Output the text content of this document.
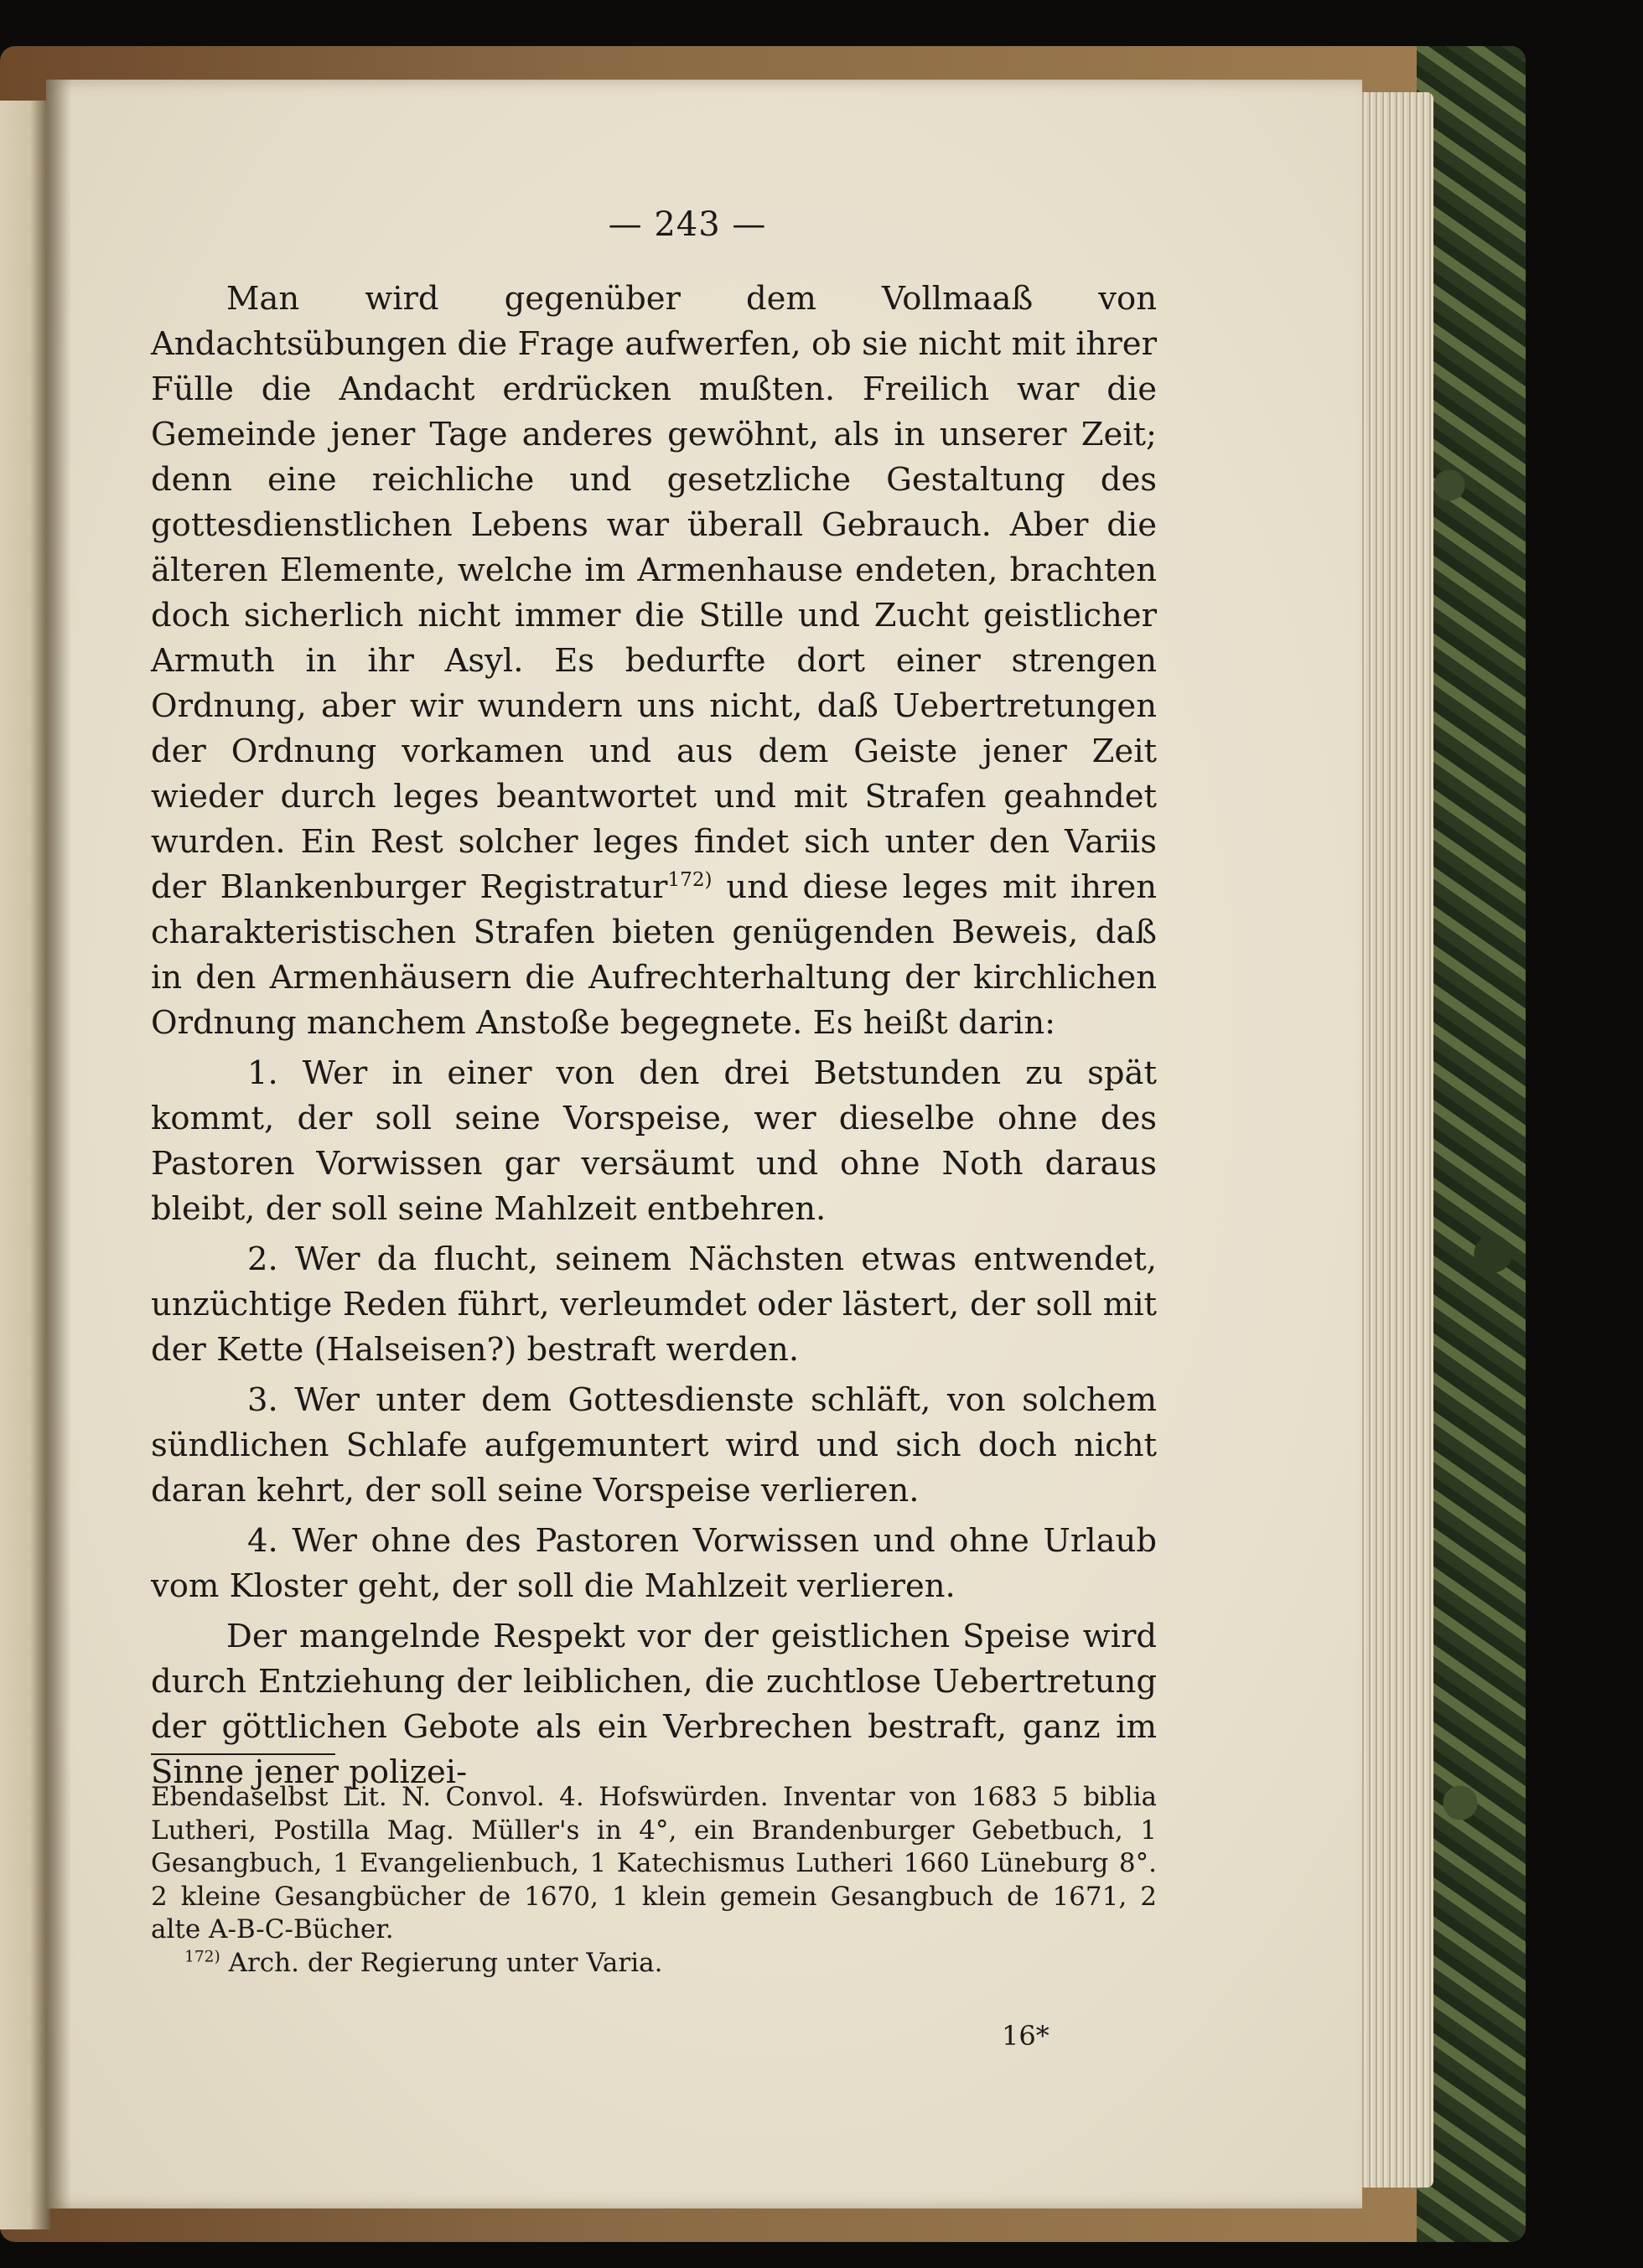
— 243 —

Man wird gegenüber dem Vollmaaß von Andachtsübungen die Frage aufwerfen, ob sie nicht mit ihrer Fülle die Andacht erdrücken mußten. Freilich war die Gemeinde jener Tage anderes gewöhnt, als in unserer Zeit; denn eine reichliche und gesetzliche Gestaltung des gottesdienstlichen Lebens war überall Gebrauch. Aber die älteren Elemente, welche im Armenhause endeten, brachten doch sicherlich nicht immer die Stille und Zucht geistlicher Armuth in ihr Asyl. Es bedurfte dort einer strengen Ordnung, aber wir wundern uns nicht, daß Uebertretungen der Ordnung vorkamen und aus dem Geiste jener Zeit wieder durch leges beantwortet und mit Strafen geahndet wurden. Ein Rest solcher leges findet sich unter den Variis der Blankenburger Registratur$^{172)}$ und diese leges mit ihren charakteristischen Strafen bieten genügenden Beweis, daß in den Armenhäusern die Aufrechterhaltung der kirchlichen Ordnung manchem Anstoße begegnete. Es heißt darin:

1. Wer in einer von den drei Betstunden zu spät kommt, der soll seine Vorspeise, wer dieselbe ohne des Pastoren Vorwissen gar versäumt und ohne Noth daraus bleibt, der soll seine Mahlzeit entbehren.

2. Wer da flucht, seinem Nächsten etwas entwendet, unzüchtige Reden führt, verleumdet oder lästert, der soll mit der Kette (Halseisen?) bestraft werden.

3. Wer unter dem Gottesdienste schläft, von solchem sündlichen Schlafe aufgemuntert wird und sich doch nicht daran kehrt, der soll seine Vorspeise verlieren.

4. Wer ohne des Pastoren Vorwissen und ohne Urlaub vom Kloster geht, der soll die Mahlzeit verlieren.

Der mangelnde Respekt vor der geistlichen Speise wird durch Entziehung der leiblichen, die zuchtlose Uebertretung der göttlichen Gebote als ein Verbrechen bestraft, ganz im Sinne jener polizei-

Ebendaselbst Lit. N. Convol. 4. Hofswürden. Inventar von 1683 5 biblia Lutheri, Postilla Mag. Müller's in 4°, ein Brandenburger Gebetbuch, 1 Gesangbuch, 1 Evangelienbuch, 1 Katechismus Lutheri 1660 Lüneburg 8°. 2 kleine Gesangbücher de 1670, 1 klein gemein Gesangbuch de 1671, 2 alte A-B-C-Bücher.

$^{172)}$ Arch. der Regierung unter Varia.

16*
